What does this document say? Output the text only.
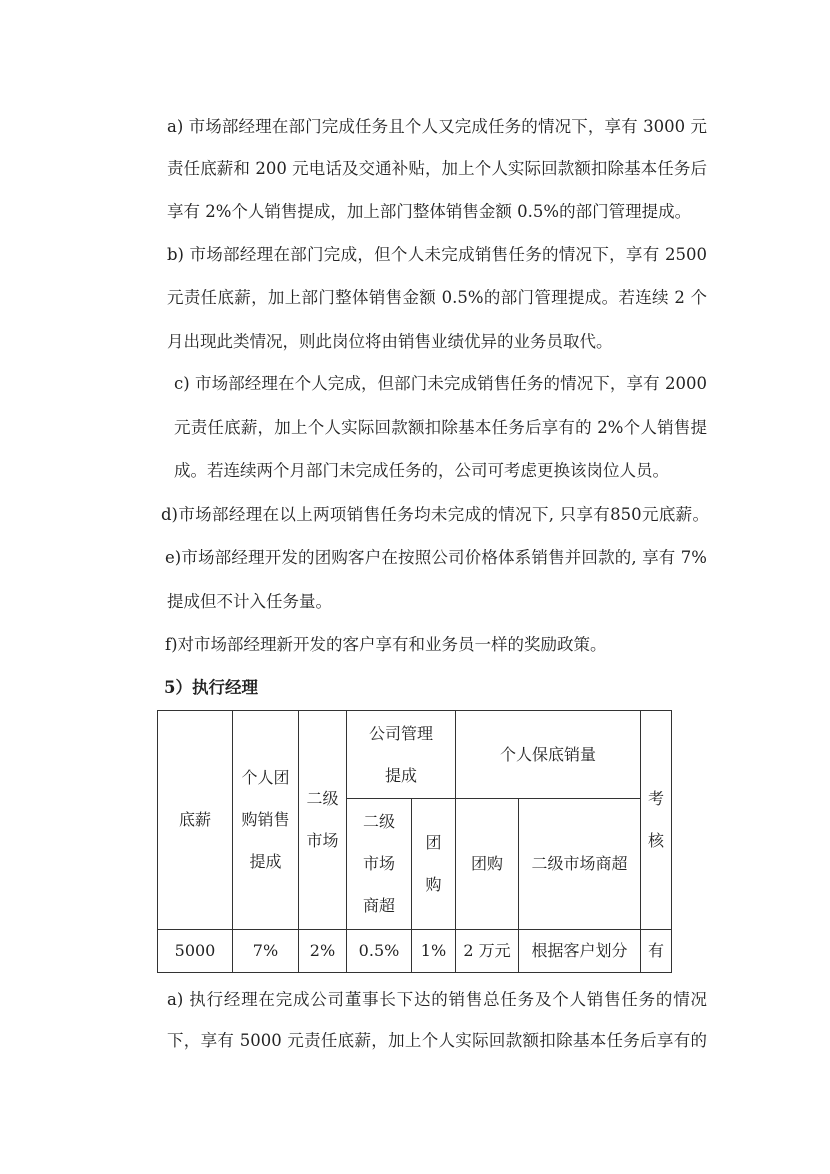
a) 市场部经理在部门完成任务且个人又完成任务的情况下，享有 3000 元
责任底薪和 200 元电话及交通补贴，加上个人实际回款额扣除基本任务后
享有 2%个人销售提成，加上部门整体销售金额 0.5%的部门管理提成。
b) 市场部经理在部门完成，但个人未完成销售任务的情况下，享有 2500
元责任底薪，加上部门整体销售金额 0.5%的部门管理提成。若连续 2 个
月出现此类情况，则此岗位将由销售业绩优异的业务员取代。
c) 市场部经理在个人完成，但部门未完成销售任务的情况下，享有 2000
元责任底薪，加上个人实际回款额扣除基本任务后享有的 2%个人销售提
成。若连续两个月部门未完成任务的，公司可考虑更换该岗位人员。
d)市场部经理在以上两项销售任务均未完成的情况下, 只享有850元底薪。
e)市场部经理开发的团购客户在按照公司价格体系销售并回款的, 享有 7%
提成但不计入任务量。
f)对市场部经理新开发的客户享有和业务员一样的奖励政策。
5）执行经理
底薪	个人团购销售提成	二级市场	公司管理提成		个人保底销量		考核

			二级市场商超	团购	团购	二级市场商超	
5000	7%	2%	0.5%	1%	2 万元	根据客户划分	有
a) 执行经理在完成公司董事长下达的销售总任务及个人销售任务的情况
下，享有 5000 元责任底薪，加上个人实际回款额扣除基本任务后享有的
